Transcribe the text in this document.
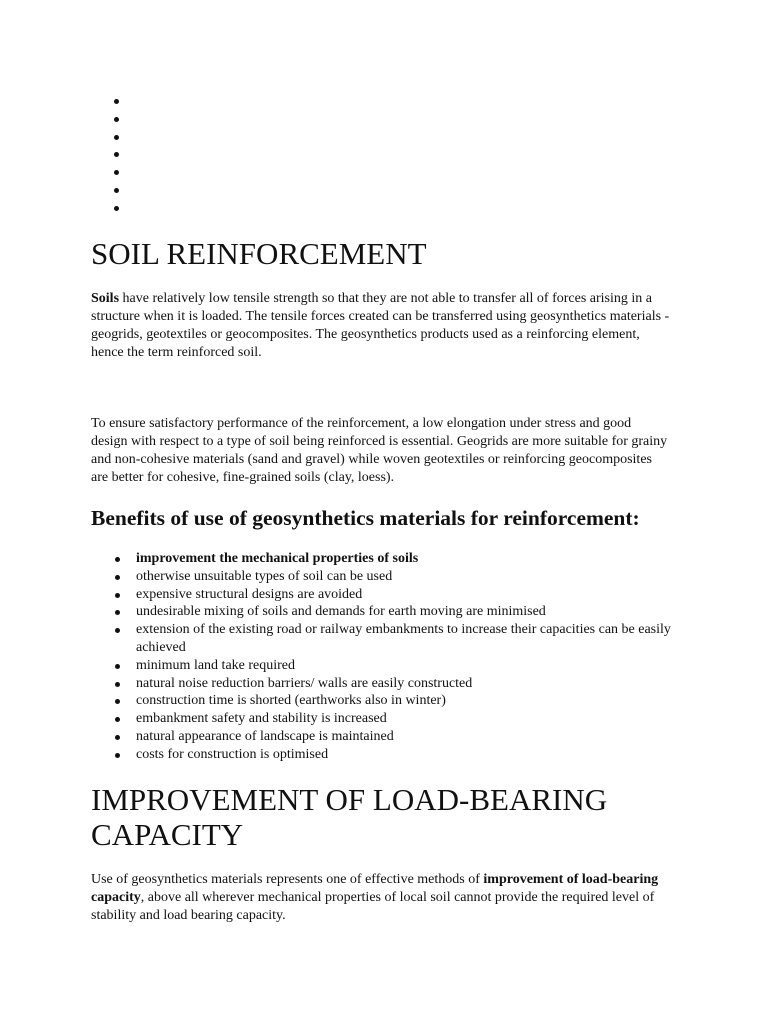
SOIL REINFORCEMENT

Soils have relatively low tensile strength so that they are not able to transfer all of forces arising in a structure when it is loaded. The tensile forces created can be transferred using geosynthetics materials - geogrids, geotextiles or geocomposites. The geosynthetics products used as a reinforcing element, hence the term reinforced soil.

To ensure satisfactory performance of the reinforcement, a low elongation under stress and good design with respect to a type of soil being reinforced is essential. Geogrids are more suitable for grainy and non-cohesive materials (sand and gravel) while woven geotextiles or reinforcing geocomposites are better for cohesive, fine-grained soils (clay, loess).

Benefits of use of geosynthetics materials for reinforcement:
improvement the mechanical properties of soils
otherwise unsuitable types of soil can be used
expensive structural designs are avoided
undesirable mixing of soils and demands for earth moving are minimised
extension of the existing road or railway embankments to increase their capacities can be easily achieved
minimum land take required
natural noise reduction barriers/ walls are easily constructed
construction time is shorted (earthworks also in winter)
embankment safety and stability is increased
natural appearance of landscape is maintained
costs for construction is optimised
IMPROVEMENT OF LOAD-BEARING CAPACITY

Use of geosynthetics materials represents one of effective methods of improvement of load-bearing capacity, above all wherever mechanical properties of local soil cannot provide the required level of stability and load bearing capacity.
